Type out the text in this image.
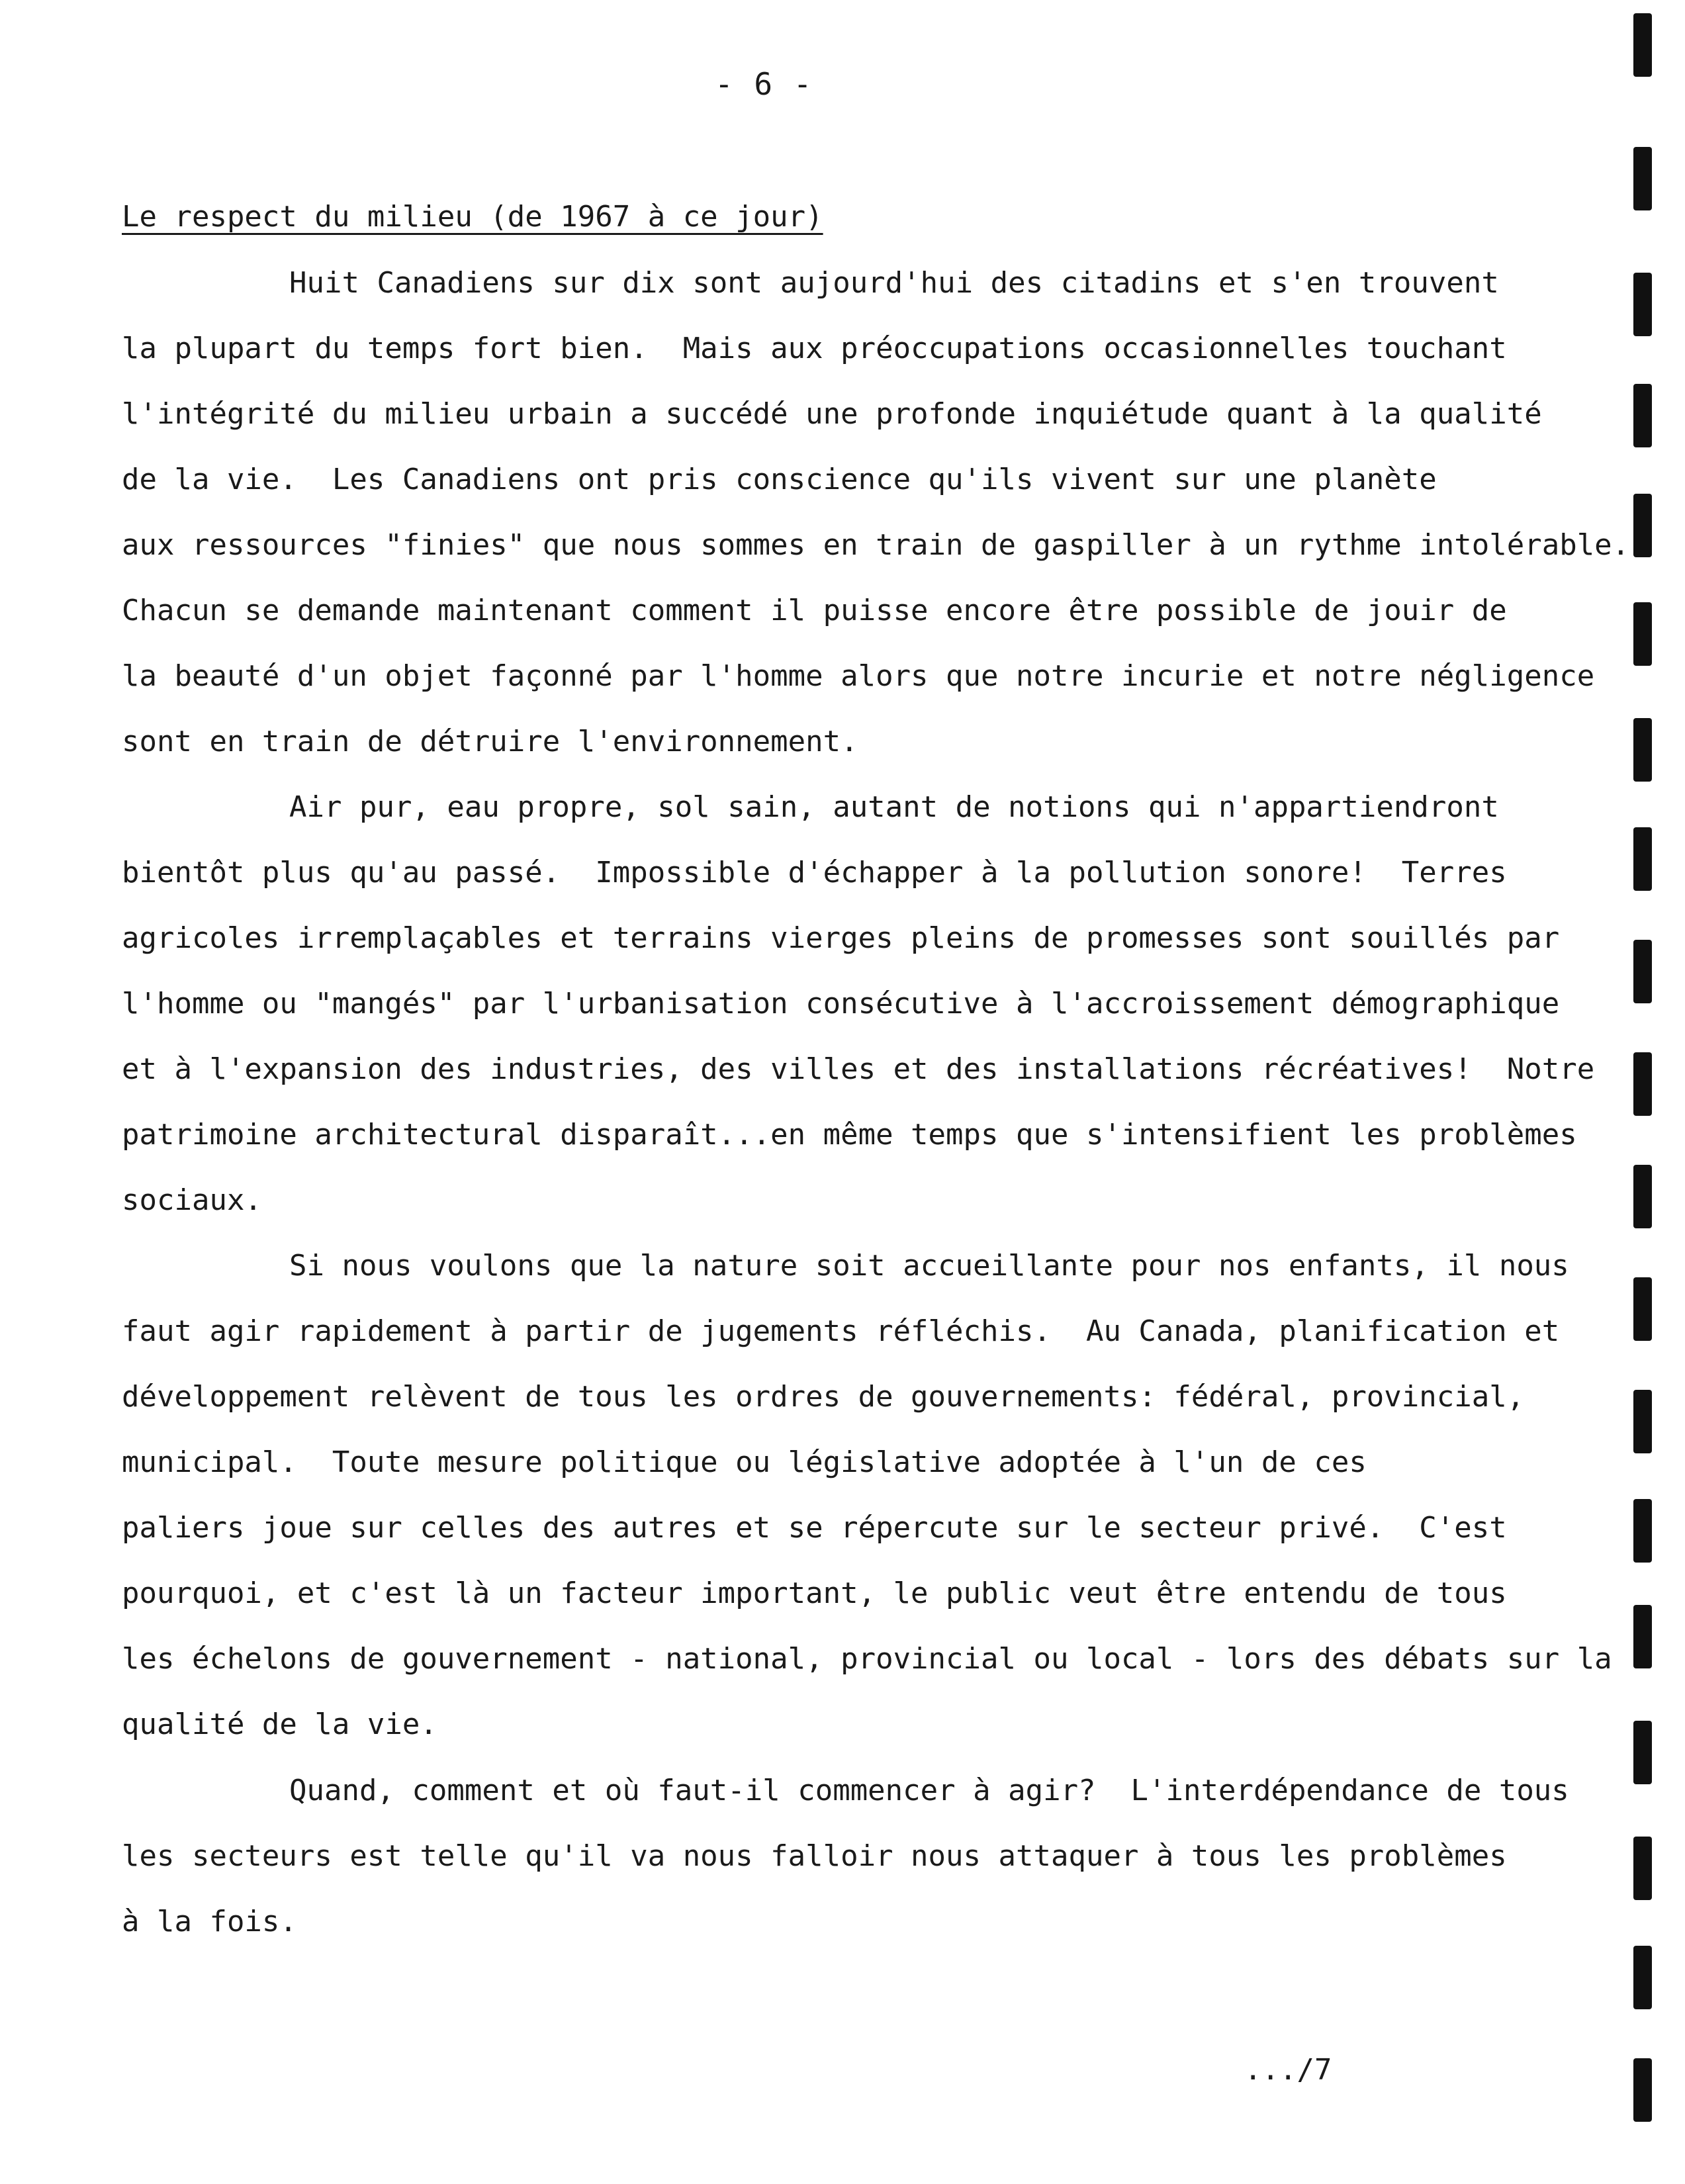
- 6 -
Le respect du milieu (de 1967 à ce jour)
Huit Canadiens sur dix sont aujourd'hui des citadins et s'en trouvent
la plupart du temps fort bien.  Mais aux préoccupations occasionnelles touchant
l'intégrité du milieu urbain a succédé une profonde inquiétude quant à la qualité
de la vie.  Les Canadiens ont pris conscience qu'ils vivent sur une planète
aux ressources "finies" que nous sommes en train de gaspiller à un rythme intolérable.
Chacun se demande maintenant comment il puisse encore être possible de jouir de
la beauté d'un objet façonné par l'homme alors que notre incurie et notre négligence
sont en train de détruire l'environnement.
Air pur, eau propre, sol sain, autant de notions qui n'appartiendront
bientôt plus qu'au passé.  Impossible d'échapper à la pollution sonore!  Terres
agricoles irremplaçables et terrains vierges pleins de promesses sont souillés par
l'homme ou "mangés" par l'urbanisation consécutive à l'accroissement démographique
et à l'expansion des industries, des villes et des installations récréatives!  Notre
patrimoine architectural disparaît...en même temps que s'intensifient les problèmes
sociaux.
Si nous voulons que la nature soit accueillante pour nos enfants, il nous
faut agir rapidement à partir de jugements réfléchis.  Au Canada, planification et
développement relèvent de tous les ordres de gouvernements: fédéral, provincial,
municipal.  Toute mesure politique ou législative adoptée à l'un de ces
paliers joue sur celles des autres et se répercute sur le secteur privé.  C'est
pourquoi, et c'est là un facteur important, le public veut être entendu de tous
les échelons de gouvernement - national, provincial ou local - lors des débats sur la
qualité de la vie.
Quand, comment et où faut-il commencer à agir?  L'interdépendance de tous
les secteurs est telle qu'il va nous falloir nous attaquer à tous les problèmes
à la fois.
.../7
